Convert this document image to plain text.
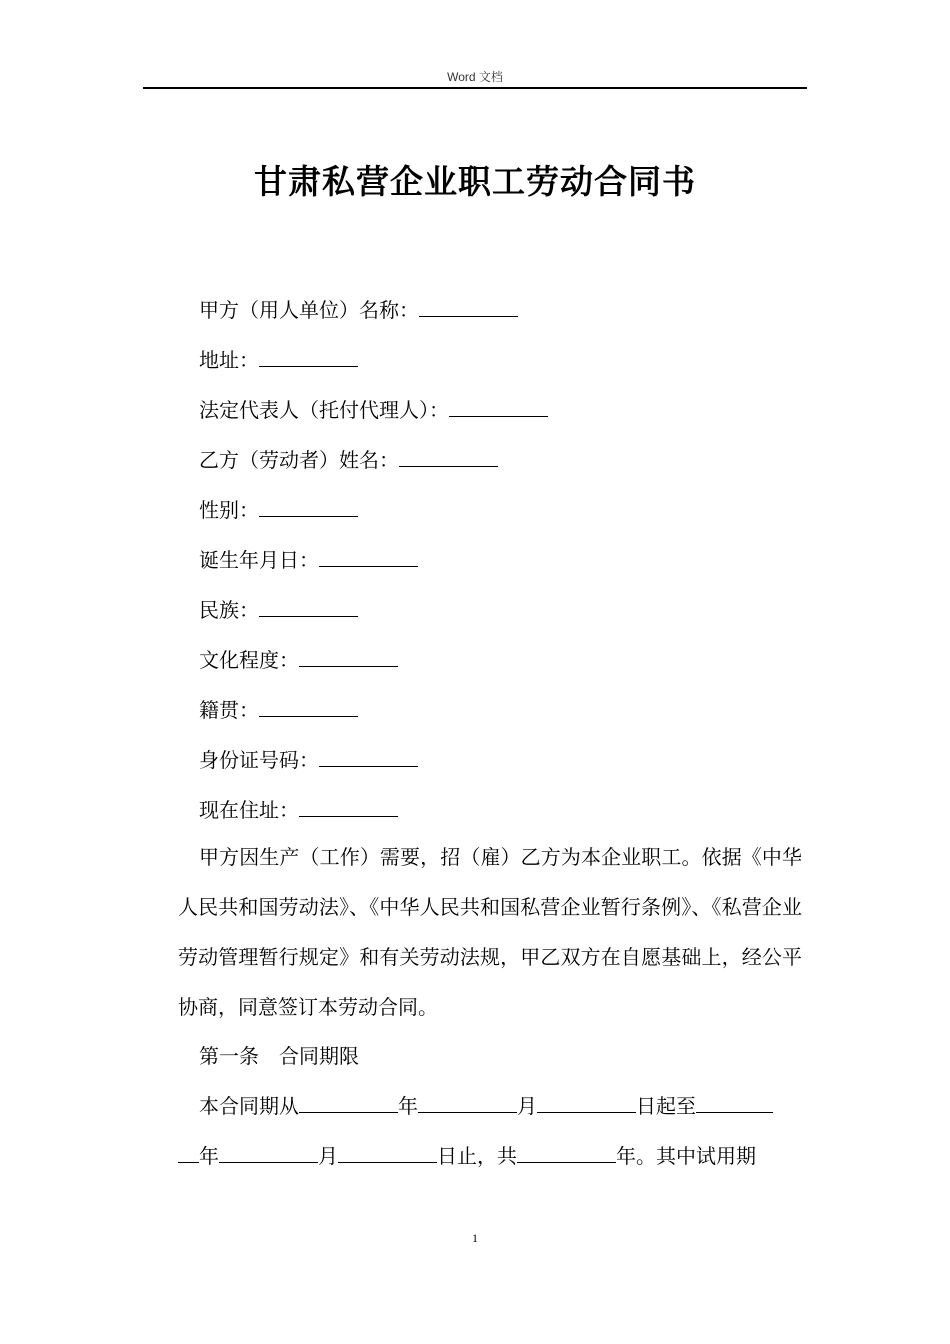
Word 文档
甘肃私营企业职工劳动合同书
甲方（用人单位）名称：
地址：
法定代表人（托付代理人）：
乙方（劳动者）姓名：
性别：
诞生年月日：
民族：
文化程度：
籍贯：
身份证号码：
现在住址：
甲方因生产（工作）需要，招（雇）乙方为本企业职工。依据《中华人民共和国劳动法》、《中华人民共和国私营企业暂行条例》、《私营企业劳动管理暂行规定》和有关劳动法规，甲乙双方在自愿基础上，经公平协商，同意签订本劳动合同。
第一条　合同期限
本合同期从	年	月	日起至
年	月	日止，共	年。其中试用期
1
